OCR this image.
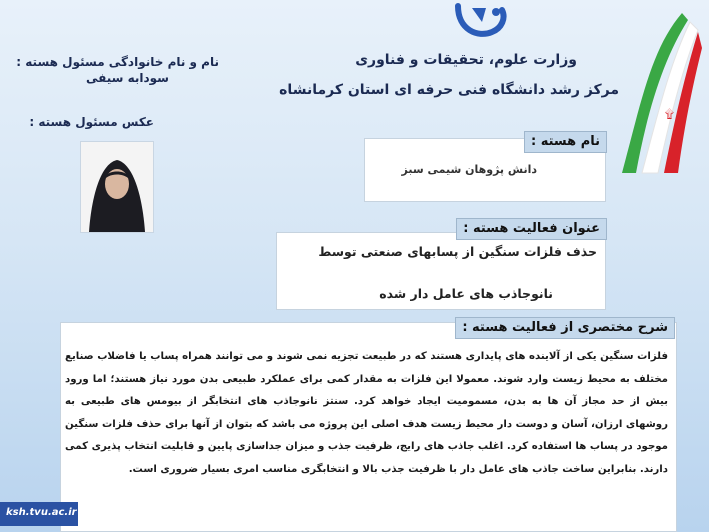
۩
وزارت علوم، تحقیقات و فناوری
مرکز رشد دانشگاه فنی حرفه ای استان کرمانشاه
نام و نام خانوادگی مسئول هسته :
سودابه سیفی
عکس مسئول هسته :
نام هسته :
دانش پژوهان شیمی سبز
عنوان فعالیت هسته :
حذف فلزات سنگین از پسابهای صنعتی توسط
نانوجاذب های عامل دار شده
فلزات سنگین یکی از آلاینده های پایداری هستند که در طبیعت تجزیه نمی شوند و می توانند همراه پساب یا فاضلاب صنایع مختلف به محیط زیست وارد شوند. معمولا این فلزات به مقدار کمی برای عملکرد طبیعی بدن مورد نیاز هستند؛ اما ورود بیش از حد مجاز آن ها به بدن، مسمومیت ایجاد خواهد کرد. سنتز نانوجاذب های انتخابگر از بیومس های طبیعی به روشهای ارزان، آسان و دوست دار محیط زیست هدف اصلی این پروژه می باشد که بتوان از آنها برای حذف فلزات سنگین موجود در پساب ها استفاده کرد. اغلب جاذب های رایج، ظرفیت جذب و میزان جداسازی پایین و قابلیت انتخاب پذیری کمی دارند. بنابراین ساخت جاذب های عامل دار با ظرفیت جذب بالا و انتخابگری مناسب امری بسیار ضروری است.
شرح مختصری از فعالیت هسته :
ksh.tvu.ac.ir
